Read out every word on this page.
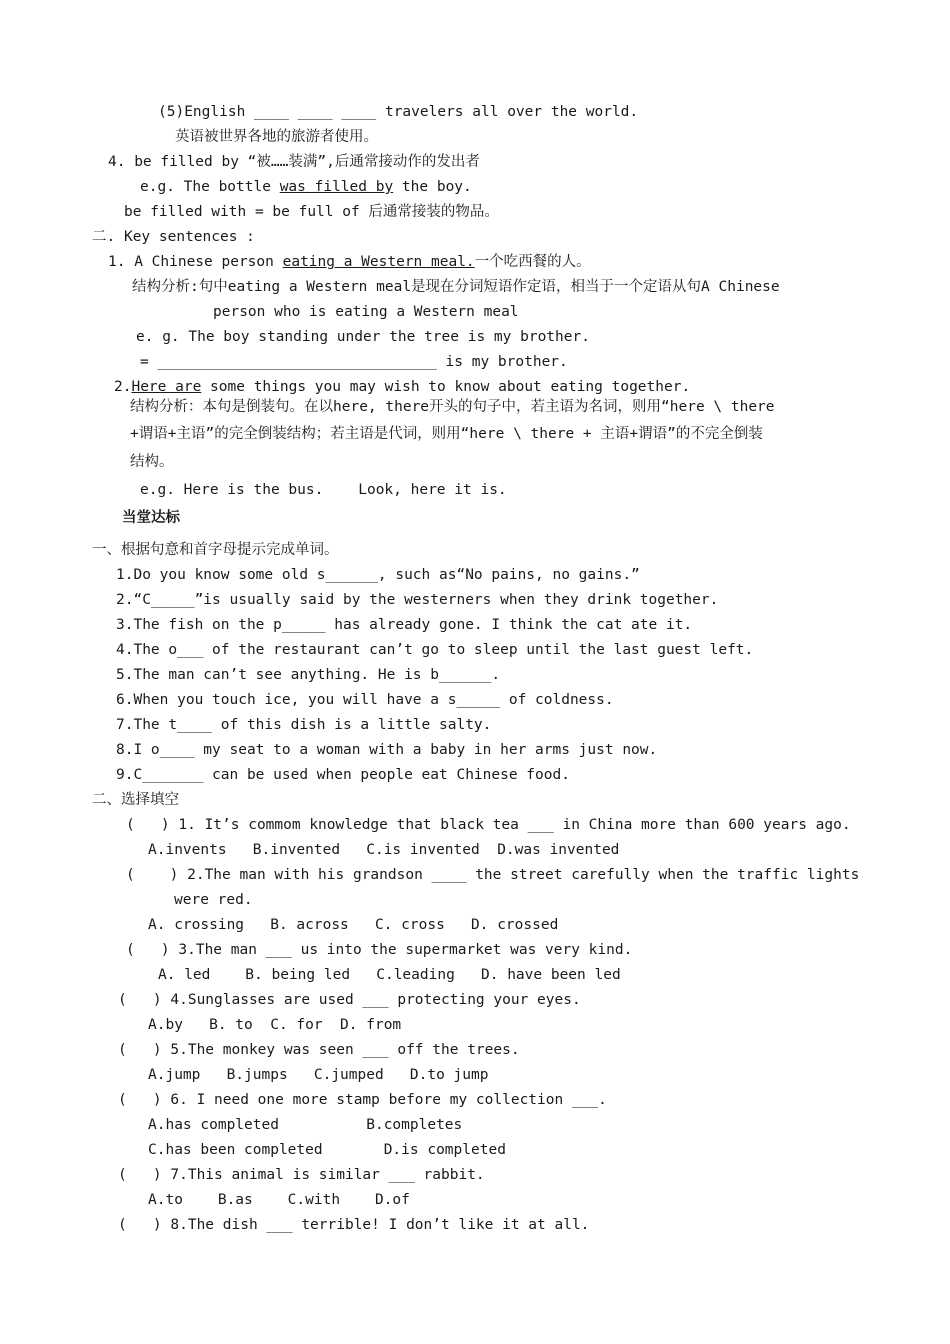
(5)English ____ ____ ____ travelers all over the world.
英语被世界各地的旅游者使用。
4. be filled by “被……装满”,后通常接动作的发出者
e.g. The bottle was filled by the boy.
be filled with = be full of 后通常接装的物品。
二. Key sentences :
1. A Chinese person eating a Western meal.一个吃西餐的人。
结构分析:句中eating a Western meal是现在分词短语作定语，相当于一个定语从句A Chinese
person who is eating a Western meal
e. g. The boy standing under the tree is my brother.
= ________________________________ is my brother.
2.Here are some things you may wish to know about eating together.
结构分析：本句是倒装句。在以here, there开头的句子中，若主语为名词，则用“here \ there
+谓语+主语”的完全倒装结构；若主语是代词，则用“here \ there + 主语+谓语”的不完全倒装
结构。
e.g. Here is the bus.    Look, here it is.
当堂达标
一、根据句意和首字母提示完成单词。
1.Do you know some old s______, such as“No pains, no gains.”
2.“C_____”is usually said by the westerners when they drink together.
3.The fish on the p_____ has already gone. I think the cat ate it.
4.The o___ of the restaurant can’t go to sleep until the last guest left.
5.The man can’t see anything. He is b______.
6.When you touch ice, you will have a s_____ of coldness.
7.The t____ of this dish is a little salty.
8.I o____ my seat to a woman with a baby in her arms just now.
9.C_______ can be used when people eat Chinese food.
二、选择填空
(   ) 1. It’s commom knowledge that black tea ___ in China more than 600 years ago.
A.invents   B.invented   C.is invented  D.was invented
(    ) 2.The man with his grandson ____ the street carefully when the traffic lights
were red.
A. crossing   B. across   C. cross   D. crossed
(   ) 3.The man ___ us into the supermarket was very kind.
A. led    B. being led   C.leading   D. have been led
(   ) 4.Sunglasses are used ___ protecting your eyes.
A.by   B. to  C. for  D. from
(   ) 5.The monkey was seen ___ off the trees.
A.jump   B.jumps   C.jumped   D.to jump
(   ) 6. I need one more stamp before my collection ___.
A.has completed          B.completes
C.has been completed       D.is completed
(   ) 7.This animal is similar ___ rabbit.
A.to    B.as    C.with    D.of
(   ) 8.The dish ___ terrible! I don’t like it at all.
